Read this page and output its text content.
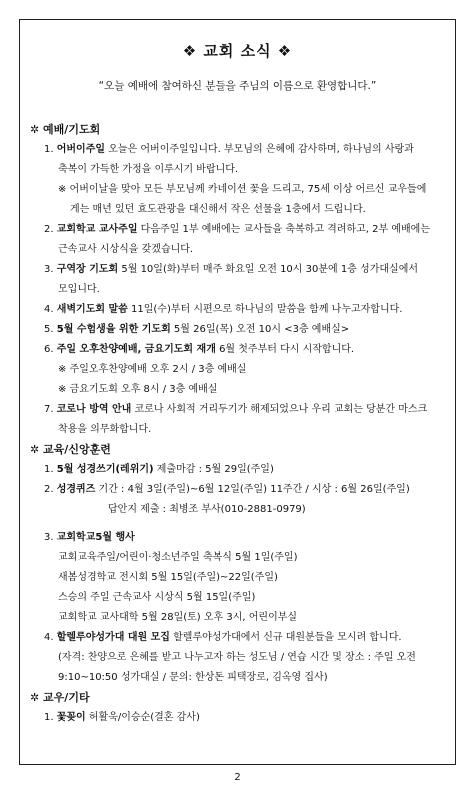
❖ 교회 소식 ❖
“오늘 예배에 참여하신 분들을 주님의 이름으로 환영합니다.”

✲ 예배/기도회

1. 어버이주일 오늘은 어버이주일입니다. 부모님의 은혜에 감사하며, 하나님의 사랑과

축복이 가득한 가정을 이루시기 바랍니다.

※ 어버이날을 맞아 모든 부모님께 카네이션 꽃을 드리고, 75세 이상 어르신 교우들에

게는 매년 있던 효도관광을 대신해서 작은 선물을 1층에서 드립니다.

2. 교회학교 교사주일 다음주일 1부 예배에는 교사들을 축복하고 격려하고, 2부 예배에는

근속교사 시상식을 갖겠습니다.

3. 구역장 기도회 5월 10일(화)부터 매주 화요일 오전 10시 30분에 1층 성가대실에서

모입니다.

4. 새벽기도회 말씀 11일(수)부터 시편으로 하나님의 말씀을 함께 나누고자합니다.

5. 5월 수험생을 위한 기도회 5월 26일(목) 오전 10시 <3층 예배실>

6. 주일 오후찬양예배, 금요기도회 재개 6월 첫주부터 다시 시작합니다.

※ 주일오후찬양예배 오후 2시 / 3층 예배실

※ 금요기도회 오후 8시 / 3층 예배실

7. 코로나 방역 안내 코로나 사회적 거리두기가 해제되었으나 우리 교회는 당분간 마스크

착용을 의무화합니다.

✲ 교육/신앙훈련

1. 5월 성경쓰기(레위기) 제출마감 : 5월 29일(주일)

2. 성경퀴즈 기간 : 4월 3일(주일)~6월 12일(주일) 11주간 / 시상 : 6월 26일(주일)

답안지 제출 : 최병조 부사(010-2881-0979)

3. 교회학교5월 행사

교회교육주일/어린이·청소년주일 축복식 5월 1일(주일)

새봄성경학교 전시회 5월 15일(주일)~22일(주일)

스승의 주일 근속교사 시상식 5월 15일(주일)

교회학교 교사대학 5월 28일(토) 오후 3시, 어린이부실

4. 할렐루야성가대 대원 모집 할렐루야성가대에서 신규 대원분들을 모시려 합니다.

(자격: 찬양으로 은혜를 받고 나누고자 하는 성도님 / 연습 시간 및 장소 : 주일 오전

9:10~10:50 성가대실 / 문의: 한상돈 피택장로, 김옥영 집사)

✲ 교우/기타

1. 꽃꽂이 허활욱/이승순(결혼 감사)

2
